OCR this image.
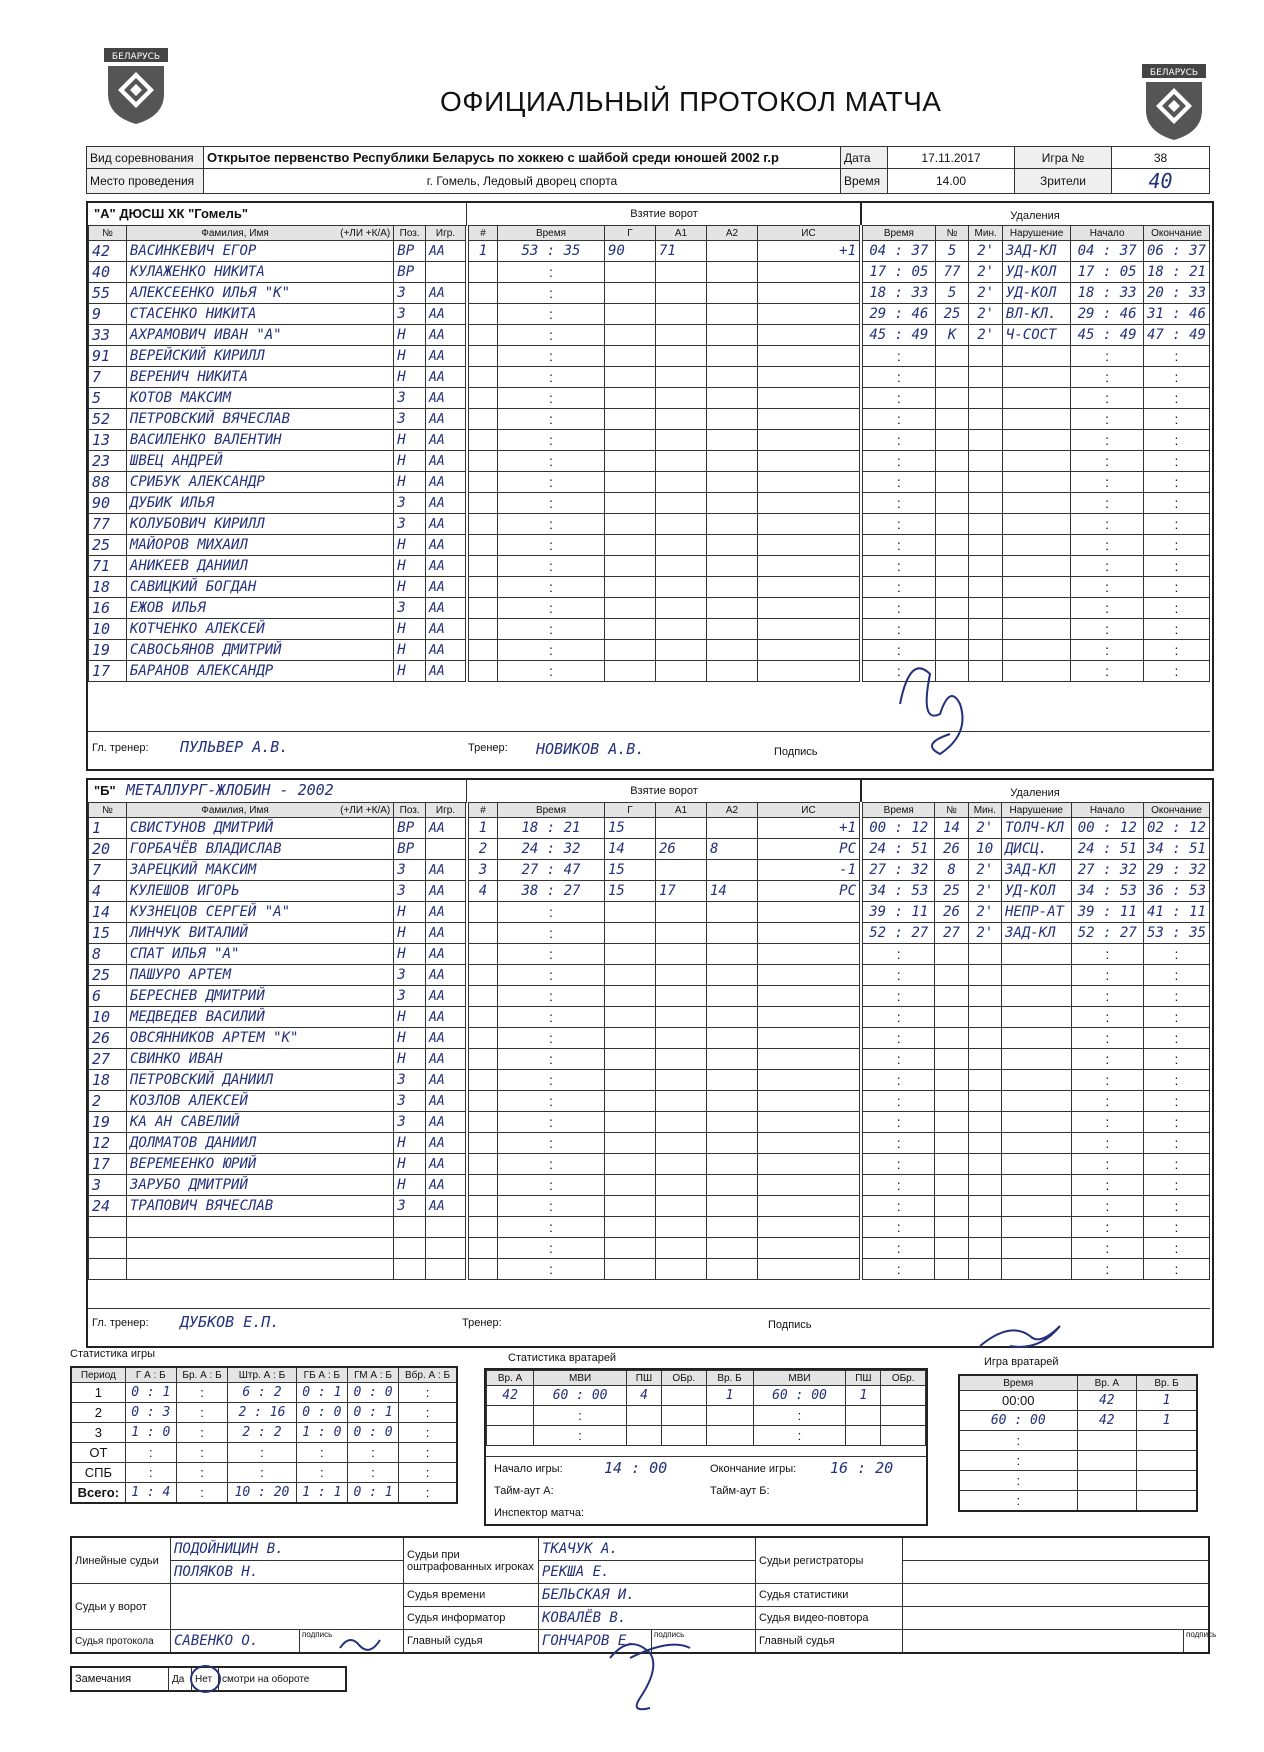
БЕЛАРУСЬ
БЕЛАРУСЬ
ОФИЦИАЛЬНЫЙ ПРОТОКОЛ МАТЧА
Вид соревнования	Открытое первенство Республики Беларусь по хоккею с шайбой среди юношей 2002 г.р	Дата	17.11.2017	Игра №	38
Место проведения	г. Гомель, Ледовый дворец спорта	Время	14.00	Зрители	40
"А" ДЮСШ ХК "Гомель"	Взятие ворот	Удаления
№	Фамилия, Имя (+ЛИ +К/А)	Поз.	Игр.
42	ВАСИНКЕВИЧ ЕГОР	ВР	АА
40	КУЛАЖЕНКО НИКИТА	ВР	
55	АЛЕКСЕЕНКО ИЛЬЯ "К"	З	АА
9	СТАСЕНКО НИКИТА	З	АА
33	АХРАМОВИЧ ИВАН "А"	Н	АА
91	ВЕРЕЙСКИЙ КИРИЛЛ	Н	АА
7	ВЕРЕНИЧ НИКИТА	Н	АА
5	КОТОВ МАКСИМ	З	АА
52	ПЕТРОВСКИЙ ВЯЧЕСЛАВ	З	АА
13	ВАСИЛЕНКО ВАЛЕНТИН	Н	АА
23	ШВЕЦ АНДРЕЙ	Н	АА
88	СРИБУК АЛЕКСАНДР	Н	АА
90	ДУБИК ИЛЬЯ	З	АА
77	КОЛУБОВИЧ КИРИЛЛ	З	АА
25	МАЙОРОВ МИХАИЛ	Н	АА
71	АНИКЕЕВ ДАНИИЛ	Н	АА
18	САВИЦКИЙ БОГДАН	Н	АА
16	ЕЖОВ ИЛЬЯ	З	АА
10	КОТЧЕНКО АЛЕКСЕЙ	Н	АА
19	САВОСЬЯНОВ ДМИТРИЙ	Н	АА
17	БАРАНОВ АЛЕКСАНДР	Н	АА
#	Время	Г	А1	А2	ИС
1	53 : 35	90	71		+1
	:				
	:				
	:				
	:				
	:				
	:				
	:				
	:				
	:				
	:				
	:				
	:				
	:				
	:				
	:				
	:				
	:				
	:				
	:				
	:				
Время	№	Мин.	Нарушение	Начало	Окончание
04 : 37	5	2'	ЗАД-КЛ	04 : 37	06 : 37
17 : 05	77	2'	УД-КОЛ	17 : 05	18 : 21
18 : 33	5	2'	УД-КОЛ	18 : 33	20 : 33
29 : 46	25	2'	ВЛ-КЛ.	29 : 46	31 : 46
45 : 49	К	2'	Ч-СОСТ	45 : 49	47 : 49
:				:	:
:				:	:
:				:	:
:				:	:
:				:	:
:				:	:
:				:	:
:				:	:
:				:	:
:				:	:
:				:	:
:				:	:
:				:	:
:				:	:
:				:	:
:				:	:
Гл. тренер: ПУЛЬВЕР А.В.	Тренер: НОВИКОВ А.В.	Подпись
"Б" МЕТАЛЛУРГ-ЖЛОБИН - 2002	Взятие ворот	Удаления
№	Фамилия, Имя (+ЛИ +К/А)	Поз.	Игр.
1	СВИСТУНОВ ДМИТРИЙ	ВР	АА
20	ГОРБАЧЁВ ВЛАДИСЛАВ	ВР	
7	ЗАРЕЦКИЙ МАКСИМ	З	АА
4	КУЛЕШОВ ИГОРЬ	З	АА
14	КУЗНЕЦОВ СЕРГЕЙ "А"	Н	АА
15	ЛИНЧУК ВИТАЛИЙ	Н	АА
8	СПАТ ИЛЬЯ "А"	Н	АА
25	ПАШУРО АРТЕМ	З	АА
6	БЕРЕСНЕВ ДМИТРИЙ	З	АА
10	МЕДВЕДЕВ ВАСИЛИЙ	Н	АА
26	ОВСЯННИКОВ АРТЕМ "К"	Н	АА
27	СВИНКО ИВАН	Н	АА
18	ПЕТРОВСКИЙ ДАНИИЛ	З	АА
2	КОЗЛОВ АЛЕКСЕЙ	З	АА
19	КА АН САВЕЛИЙ	З	АА
12	ДОЛМАТОВ ДАНИИЛ	Н	АА
17	ВЕРЕМЕЕНКО ЮРИЙ	Н	АА
3	ЗАРУБО ДМИТРИЙ	Н	АА
24	ТРАПОВИЧ ВЯЧЕСЛАВ	З	АА

#	Время	Г	А1	А2	ИС
1	18 : 21	15			+1
2	24 : 32	14	26	8	РС
3	27 : 47	15			-1
4	38 : 27	15	17	14	РС
	:				
	:				
	:				
	:				
	:				
	:				
	:				
	:				
	:				
	:				
	:				
	:				
	:				
	:				
	:				
	:				
	:				
	:				
Время	№	Мин.	Нарушение	Начало	Окончание
00 : 12	14	2'	ТОЛЧ-КЛ	00 : 12	02 : 12
24 : 51	26	10	ДИСЦ.	24 : 51	34 : 51
27 : 32	8	2'	ЗАД-КЛ	27 : 32	29 : 32
34 : 53	25	2'	УД-КОЛ	34 : 53	36 : 53
39 : 11	26	2'	НЕПР-АТ	39 : 11	41 : 11
52 : 27	27	2'	ЗАД-КЛ	52 : 27	53 : 35
:				:	:
:				:	:
:				:	:
:				:	:
:				:	:
:				:	:
:				:	:
:				:	:
:				:	:
:				:	:
:				:	:
:				:	:
:				:	:
:				:	:
:				:	:
:				:	:
Гл. тренер: ДУБКОВ Е.П.	Тренер:	Подпись
Статистика игры
Период	Г А : Б	Бр. А : Б	Штр. А : Б	ГБ А : Б	ГМ А : Б	Вбр. А : Б
1	0 : 1	:	6 : 2	0 : 1	0 : 0	:
2	0 : 3	:	2 : 16	0 : 0	0 : 1	:
3	1 : 0	:	2 : 2	1 : 0	0 : 0	:
ОТ	:	:	:	:	:	:
СПБ	:	:	:	:	:	:
Всего:	1 : 4	:	10 : 20	1 : 1	0 : 1	:
Статистика вратарей
Вр. А	МВИ	ПШ	ОБр.	Вр. Б	МВИ	ПШ	ОБр.
42	60 : 00	4		1	60 : 00	1	
	:				:		
	:				:		
Начало игры:	14 : 00	Окончание игры: 16 : 20
Тайм-аут А:	Тайм-аут Б:
Инспектор матча:
Игра вратарей
Время	Вр. А	Вр. Б
00:00	42	1
60 : 00	42	1
:		
:		
:		
:		
Линейные судьи	ПОДОЙНИЦИН В.	Судьи при оштрафованных игроках	ТКАЧУК А.	Судьи регистраторы	
	ПОЛЯКОВ Н.		РЕКША Е.		
Судьи у ворот		Судья времени	БЕЛЬСКАЯ И.	Судья статистики	
		Судья информатор	КОВАЛЁВ В.	Судья видео-повтора	
Судья протокола	САВЕНКО О. подпись	Главный судья	ГОНЧАРОВ Е. подпись	Главный судья	подпись
Замечания	Да	Нет	смотри на обороте
